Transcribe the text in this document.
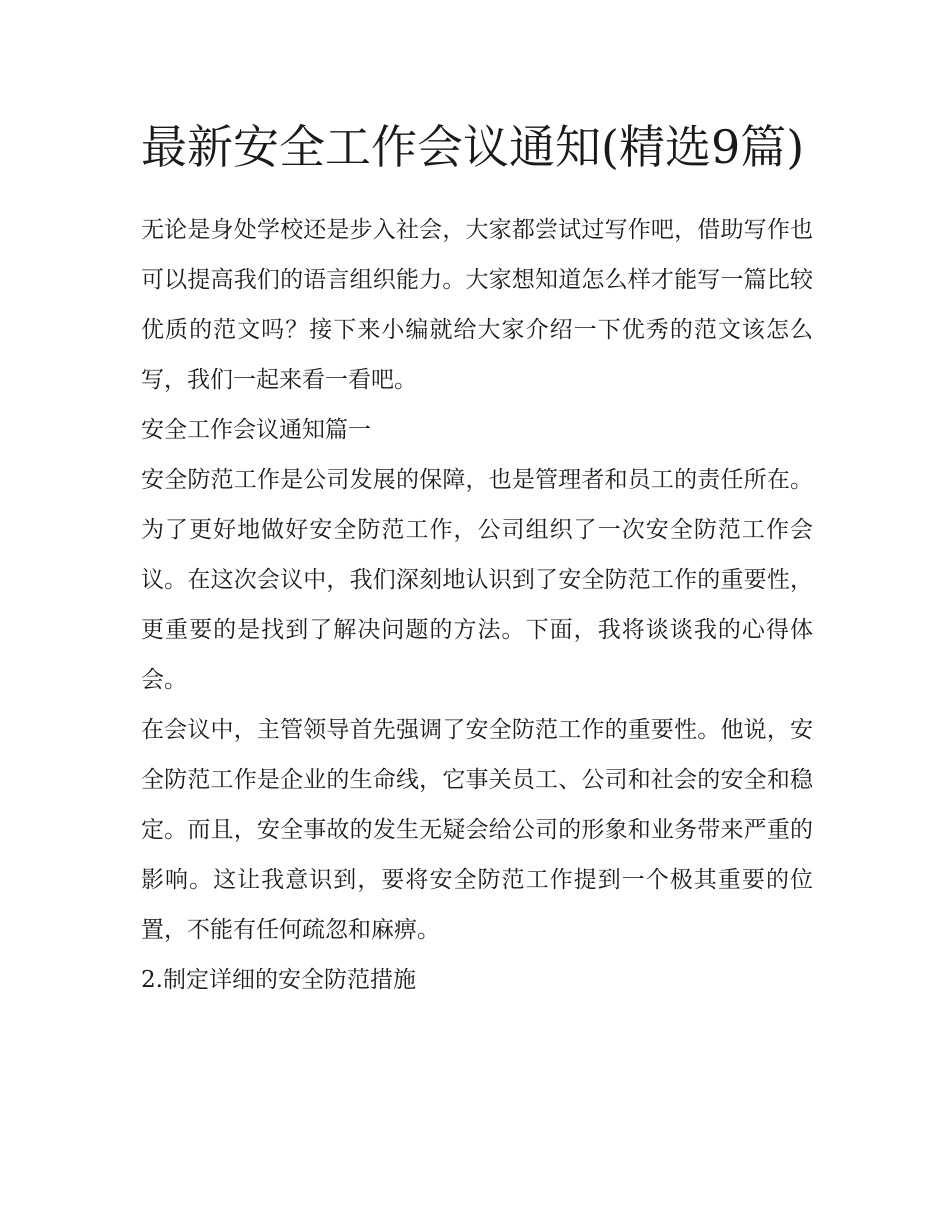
最新安全工作会议通知(精选9篇)

无论是身处学校还是步入社会，大家都尝试过写作吧，借助写作也可以提高我们的语言组织能力。大家想知道怎么样才能写一篇比较优质的范文吗？接下来小编就给大家介绍一下优秀的范文该怎么写，我们一起来看一看吧。

安全工作会议通知篇一

安全防范工作是公司发展的保障，也是管理者和员工的责任所在。为了更好地做好安全防范工作，公司组织了一次安全防范工作会议。在这次会议中，我们深刻地认识到了安全防范工作的重要性，更重要的是找到了解决问题的方法。下面，我将谈谈我的心得体会。

在会议中，主管领导首先强调了安全防范工作的重要性。他说，安全防范工作是企业的生命线，它事关员工、公司和社会的安全和稳定。而且，安全事故的发生无疑会给公司的形象和业务带来严重的影响。这让我意识到，要将安全防范工作提到一个极其重要的位置，不能有任何疏忽和麻痹。

2.制定详细的安全防范措施
